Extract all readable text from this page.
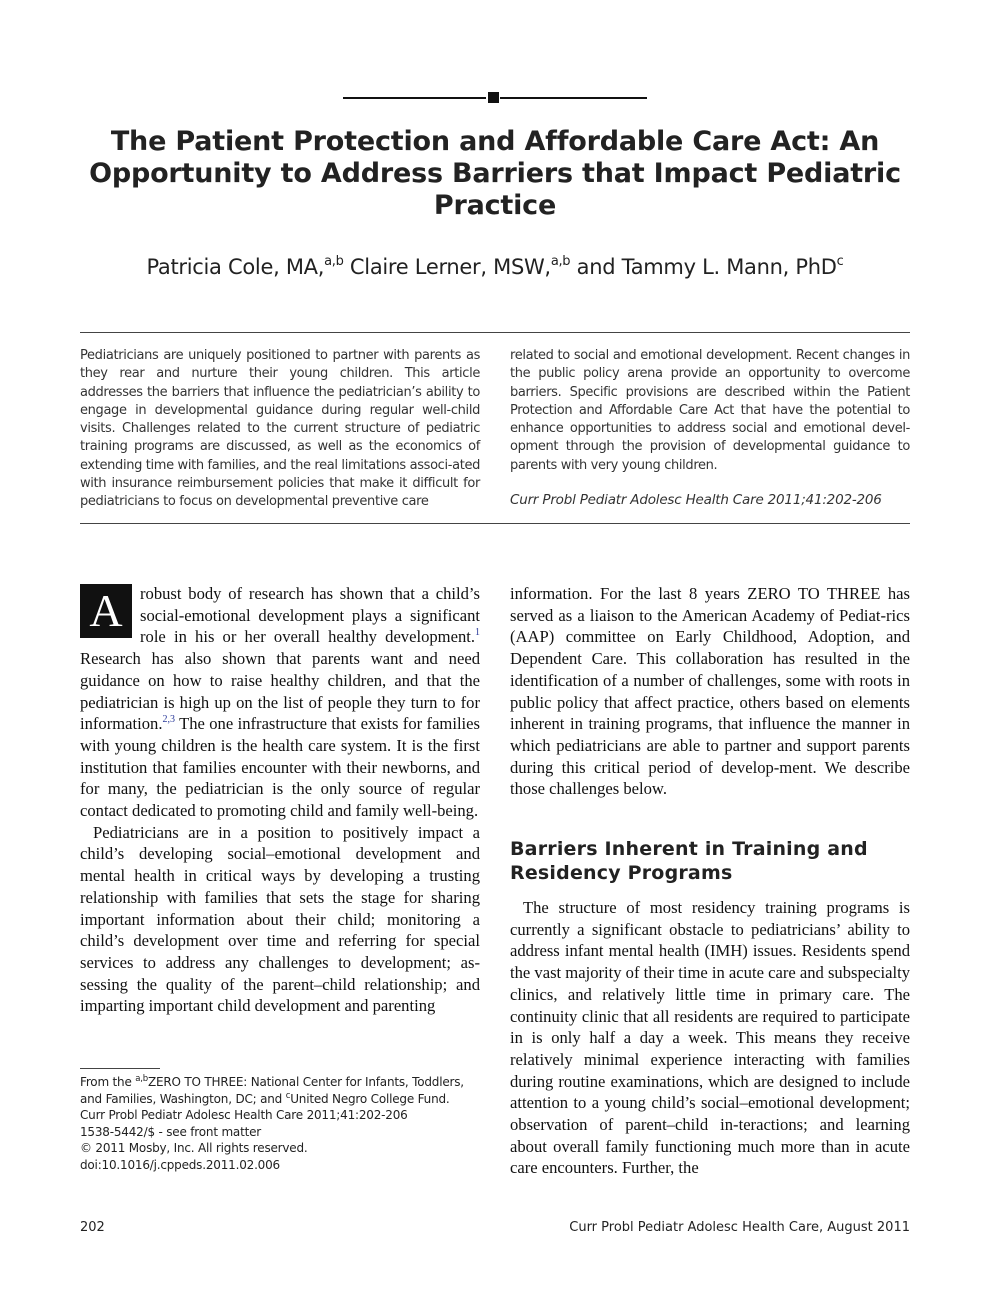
The Patient Protection and Affordable Care Act: An Opportunity to Address Barriers that Impact Pediatric Practice
Patricia Cole, MA,$^{a,b}$ Claire Lerner, MSW,$^{a,b}$ and Tammy L. Mann, PhD$^c$

Pediatricians are uniquely positioned to partner with parents as they rear and nurture their young children. This article addresses the barriers that influence the pediatrician’s ability to engage in developmental guidance during regular well-child visits. Challenges related to the current structure of pediatric training programs are discussed, as well as the economics of extending time with families, and the real limitations associ-ated with insurance reimbursement policies that make it difficult for pediatricians to focus on developmental preventive care

related to social and emotional development. Recent changes in the public policy arena provide an opportunity to overcome barriers. Specific provisions are described within the Patient Protection and Affordable Care Act that have the potential to enhance opportunities to address social and emotional devel-opment through the provision of developmental guidance to parents with very young children.

Curr Probl Pediatr Adolesc Health Care 2011;41:202-206

A	robust body of research has shown that a child’s social-emotional development plays a significant role in his or her overall healthy development.$^1$ Research has also shown that parents want and need guidance on how to raise healthy children, and that the pediatrician is high up on the list of people they turn to for information.$^{2,3}$ The one infrastructure that exists for families with young children is the health care system. It is the first institution that families encounter with their newborns, and for many, the pediatrician is the only source of regular contact dedicated to promoting child and family well-being.

Pediatricians are in a position to positively impact a child’s developing social–emotional development and mental health in critical ways by developing a trusting relationship with families that sets the stage for sharing important information about their child; monitoring a child’s development over time and referring for special services to address any challenges to development; as-sessing the quality of the parent–child relationship; and imparting important child development and parenting

information. For the last 8 years ZERO TO THREE has served as a liaison to the American Academy of Pediat-rics (AAP) committee on Early Childhood, Adoption, and Dependent Care. This collaboration has resulted in the identification of a number of challenges, some with roots in public policy that affect practice, others based on elements inherent in training programs, that influence the manner in which pediatricians are able to partner and support parents during this critical period of develop-ment. We describe those challenges below.

Barriers Inherent in Training and Residency Programs

The structure of most residency training programs is currently a significant obstacle to pediatricians’ ability to address infant mental health (IMH) issues. Residents spend the vast majority of their time in acute care and subspecialty clinics, and relatively little time in primary care. The continuity clinic that all residents are required to participate in is only half a day a week. This means they receive relatively minimal experience interacting with families during routine examinations, which are designed to include attention to a young child’s social–emotional development; observation of parent–child in-teractions; and learning about overall family functioning much more than in acute care encounters. Further, the

From the $^{a,b}$ZERO TO THREE: National Center for Infants, Toddlers,
and Families, Washington, DC; and $^c$United Negro College Fund.
Curr Probl Pediatr Adolesc Health Care 2011;41:202-206
1538-5442/$ - see front matter
© 2011 Mosby, Inc. All rights reserved.
doi:10.1016/j.cppeds.2011.02.006
202	Curr Probl Pediatr Adolesc Health Care, August 2011
